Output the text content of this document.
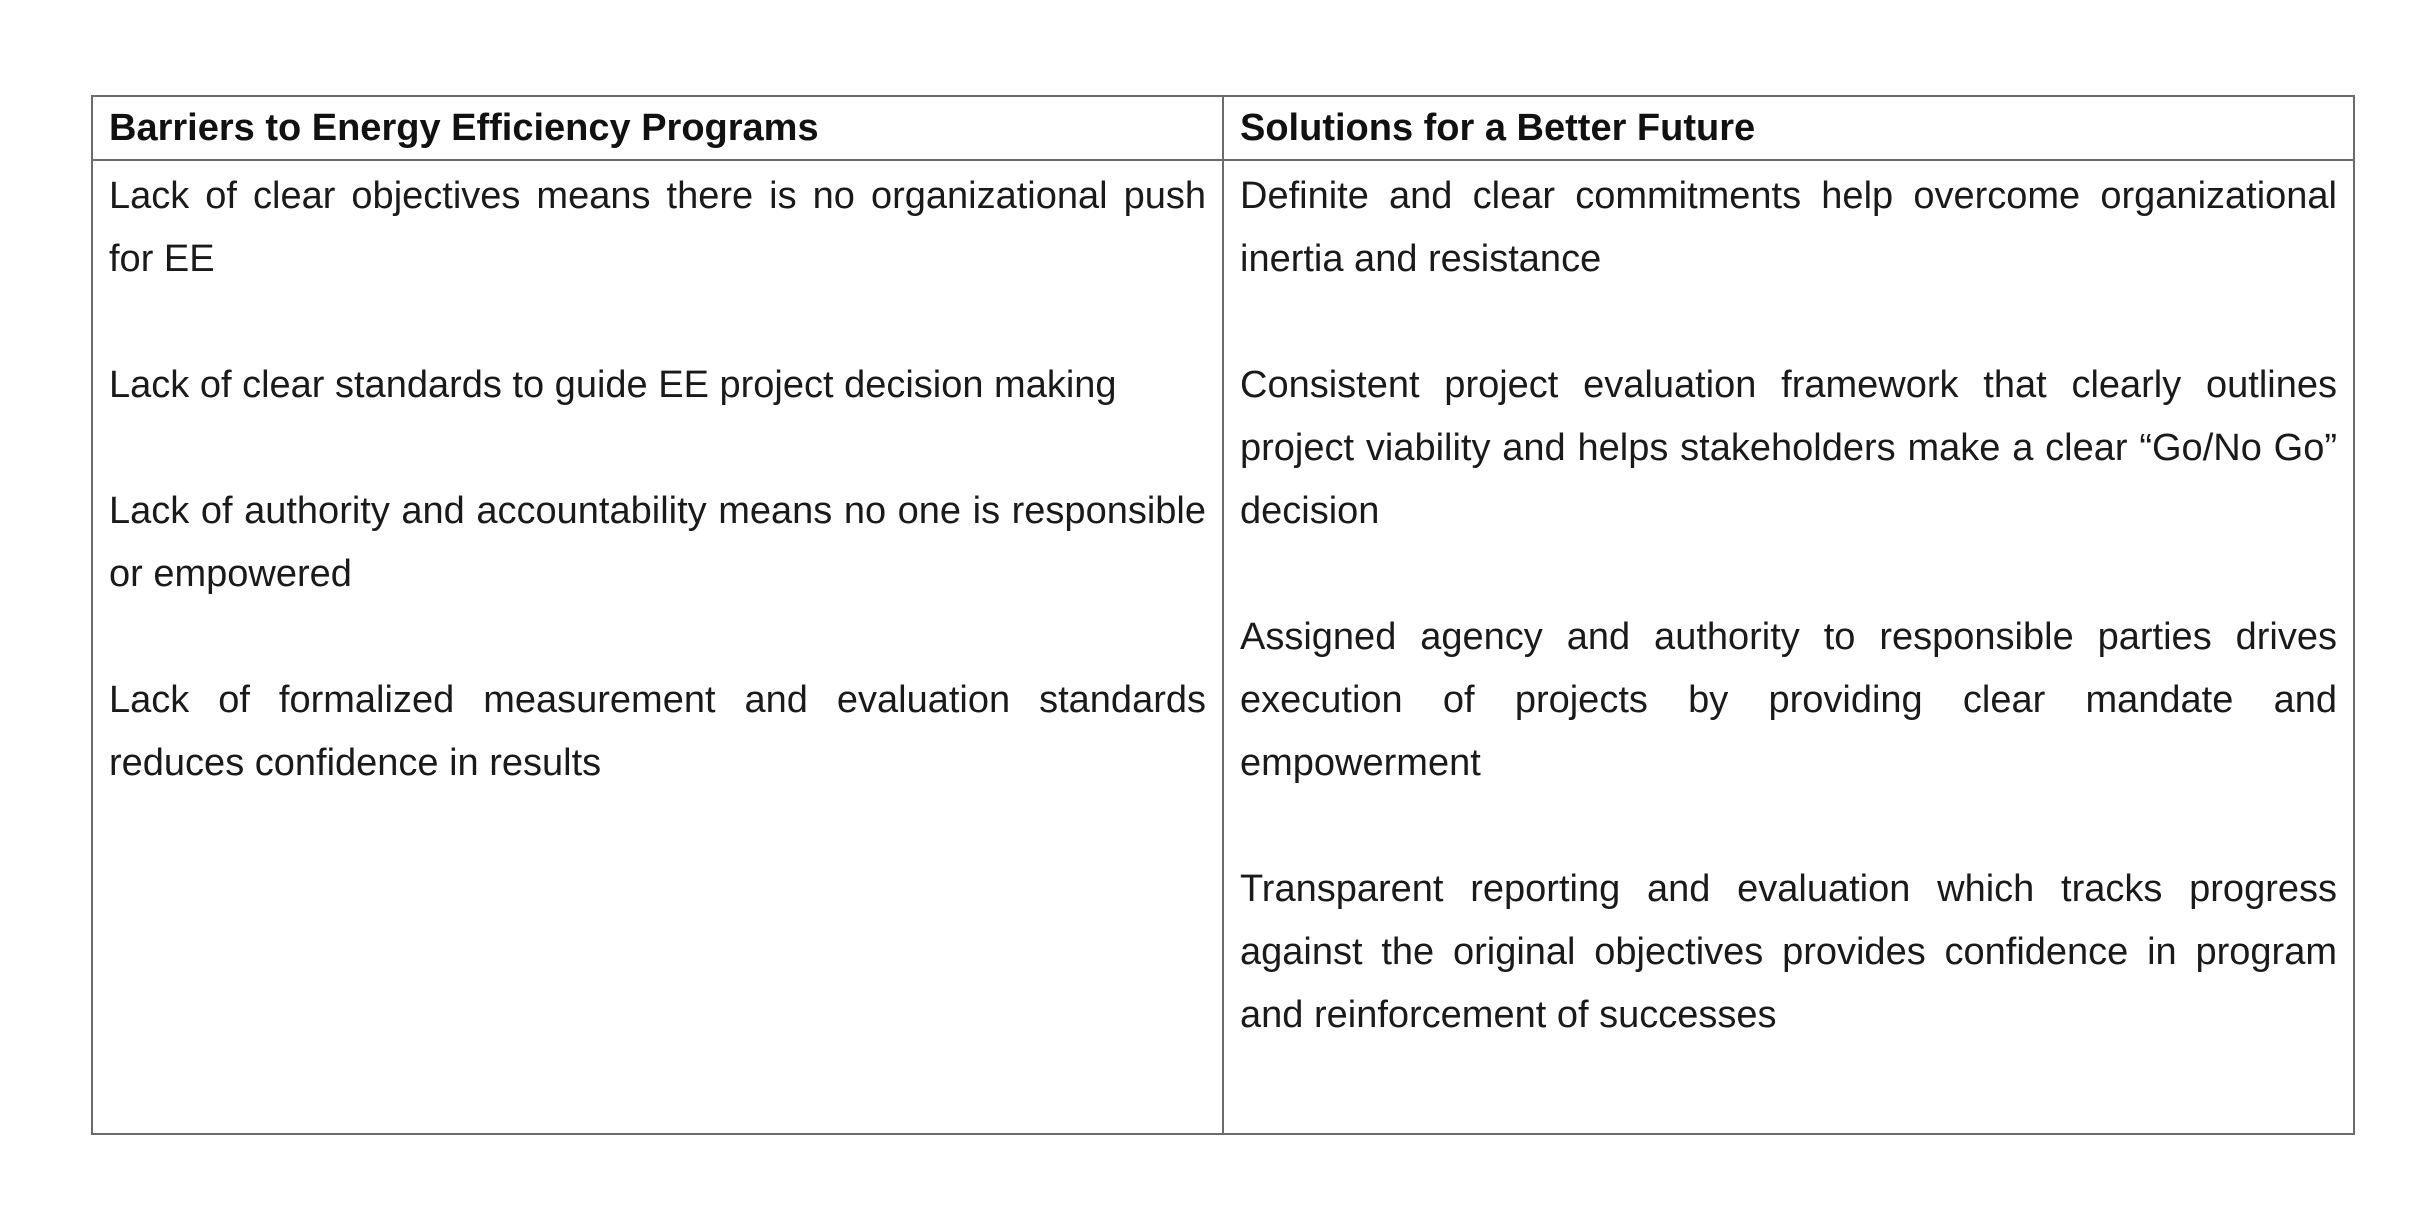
Barriers to Energy Efficiency Programs	Solutions for a Better Future

Lack of clear objectives means there is no organizational push for EE

Lack of clear standards to guide EE project decision making

Lack of authority and accountability means no one is responsible or empowered

Lack of formalized measurement and evaluation standards reduces confidence in results

Definite and clear commitments help overcome organizational inertia and resistance

Consistent project evaluation framework that clearly outlines project viability and helps stakeholders make a clear “Go/No Go” decision

Assigned agency and authority to responsible parties drives execution of projects by providing clear mandate and empowerment

Transparent reporting and evaluation which tracks progress against the original objectives provides confidence in program and reinforcement of successes
